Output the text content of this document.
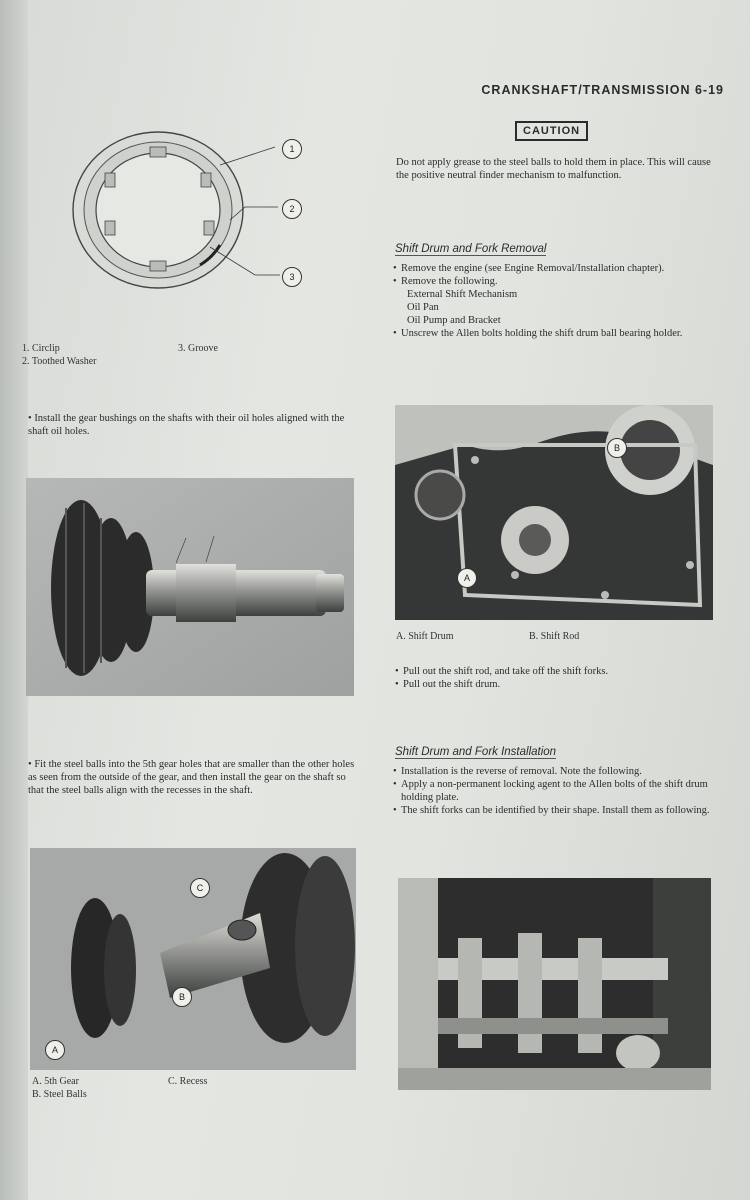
CRANKSHAFT/TRANSMISSION 6-19
1
2
3
1. Circlip
2. Toothed Washer
3. Groove
• Install the gear bushings on the shafts with their oil holes aligned with the shaft oil holes.
• Fit the steel balls into the 5th gear holes that are smaller than the other holes as seen from the outside of the gear, and then install the gear on the shaft so that the steel balls align with the recesses in the shaft.
A
B
C
A. 5th Gear
B. Steel Balls
C. Recess
CAUTION
Do not apply grease to the steel balls to hold them in place. This will cause the positive neutral finder mechanism to malfunction.
Shift Drum and Fork Removal
• Remove the engine (see Engine Removal/Installation chapter).
• Remove the following.
External Shift Mechanism
Oil Pan
Oil Pump and Bracket
• Unscrew the Allen bolts holding the shift drum ball bearing holder.
A
B
A. Shift Drum	B. Shift Rod
• Pull out the shift rod, and take off the shift forks.
• Pull out the shift drum.
Shift Drum and Fork Installation
• Installation is the reverse of removal. Note the following.
• Apply a non-permanent locking agent to the Allen bolts of the shift drum holding plate.
• The shift forks can be identified by their shape. Install them as following.
